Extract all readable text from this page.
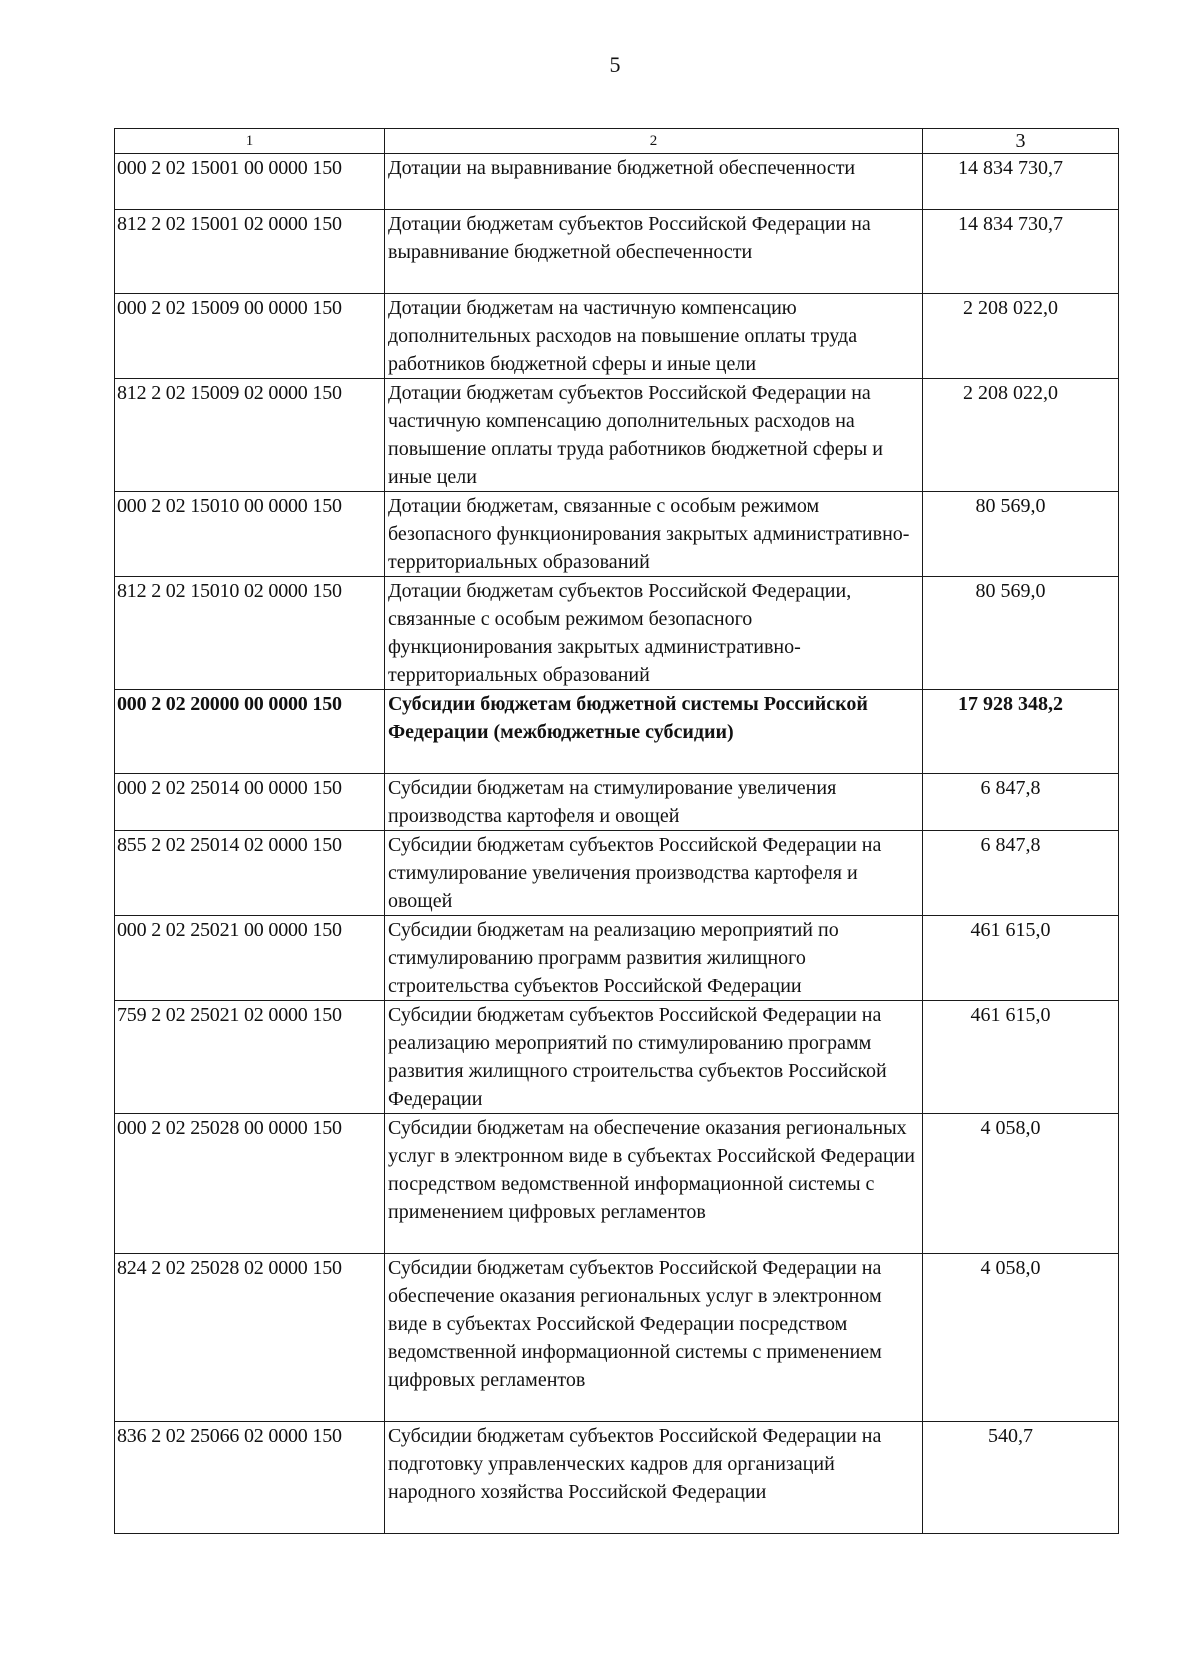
5
1	2	3
000 2 02 15001 00 0000 150	Дотации на выравнивание бюджетной обеспеченности	14 834 730,7
812 2 02 15001 02 0000 150	Дотации бюджетам субъектов Российской Федерации на выравнивание бюджетной обеспеченности	14 834 730,7
000 2 02 15009 00 0000 150	Дотации бюджетам на частичную компенсацию дополнительных расходов на повышение оплаты труда работников бюджетной сферы и иные цели	2 208 022,0
812 2 02 15009 02 0000 150	Дотации бюджетам субъектов Российской Федерации на частичную компенсацию дополнительных расходов на повышение оплаты труда работников бюджетной сферы и иные цели	2 208 022,0
000 2 02 15010 00 0000 150	Дотации бюджетам, связанные с особым режимом безопасного функционирования закрытых административно-территориальных образований	80 569,0
812 2 02 15010 02 0000 150	Дотации бюджетам субъектов Российской Федерации, связанные с особым режимом безопасного функционирования закрытых административно-территориальных образований	80 569,0
000 2 02 20000 00 0000 150	Субсидии бюджетам бюджетной системы Российской Федерации (межбюджетные субсидии)	17 928 348,2
000 2 02 25014 00 0000 150	Субсидии бюджетам на стимулирование увеличения производства картофеля и овощей	6 847,8
855 2 02 25014 02 0000 150	Субсидии бюджетам субъектов Российской Федерации на стимулирование увеличения производства картофеля и овощей	6 847,8
000 2 02 25021 00 0000 150	Субсидии бюджетам на реализацию мероприятий по стимулированию программ развития жилищного строительства субъектов Российской Федерации	461 615,0
759 2 02 25021 02 0000 150	Субсидии бюджетам субъектов Российской Федерации на реализацию мероприятий по стимулированию программ развития жилищного строительства субъектов Российской Федерации	461 615,0
000 2 02 25028 00 0000 150	Субсидии бюджетам на обеспечение оказания региональных услуг в электронном виде в субъектах Российской Федерации посредством ведомственной информационной системы с применением цифровых регламентов	4 058,0
824 2 02 25028 02 0000 150	Субсидии бюджетам субъектов Российской Федерации на обеспечение оказания региональных услуг в электронном виде в субъектах Российской Федерации посредством ведомственной информационной системы с применением цифровых регламентов	4 058,0
836 2 02 25066 02 0000 150	Субсидии бюджетам субъектов Российской Федерации на подготовку управленческих кадров для организаций народного хозяйства Российской Федерации	540,7
